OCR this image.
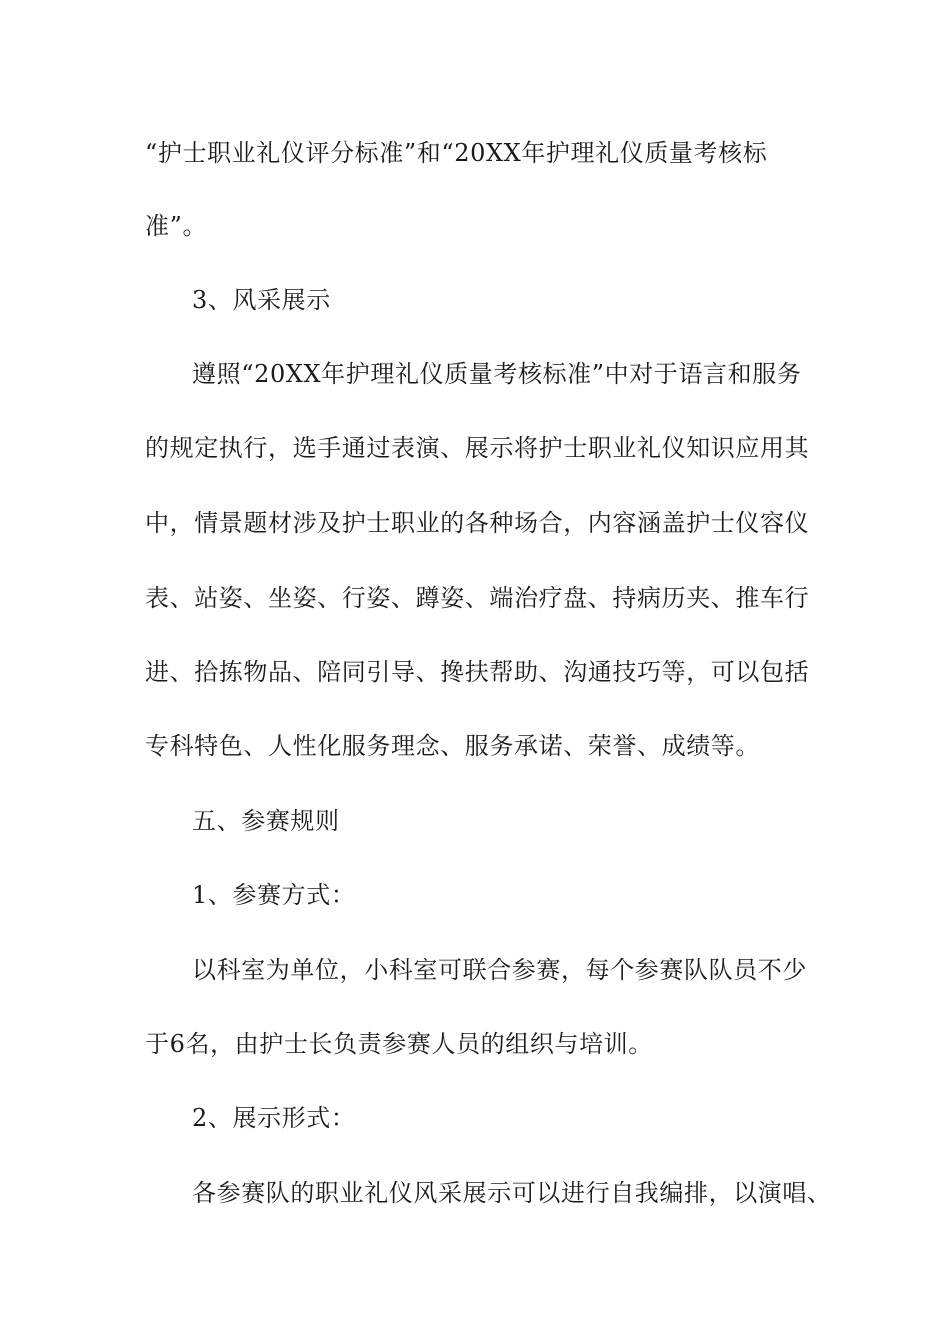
“护士职业礼仪评分标准”和“20XX年护理礼仪质量考核标
准”。
3、风采展示
遵照“20XX年护理礼仪质量考核标准”中对于语言和服务
的规定执行，选手通过表演、展示将护士职业礼仪知识应用其
中，情景题材涉及护士职业的各种场合，内容涵盖护士仪容仪
表、站姿、坐姿、行姿、蹲姿、端治疗盘、持病历夹、推车行
进、拾拣物品、陪同引导、搀扶帮助、沟通技巧等，可以包括
专科特色、人性化服务理念、服务承诺、荣誉、成绩等。
五、参赛规则
1、参赛方式：
以科室为单位，小科室可联合参赛，每个参赛队队员不少
于6名，由护士长负责参赛人员的组织与培训。
2、展示形式：
各参赛队的职业礼仪风采展示可以进行自我编排，以演唱、
